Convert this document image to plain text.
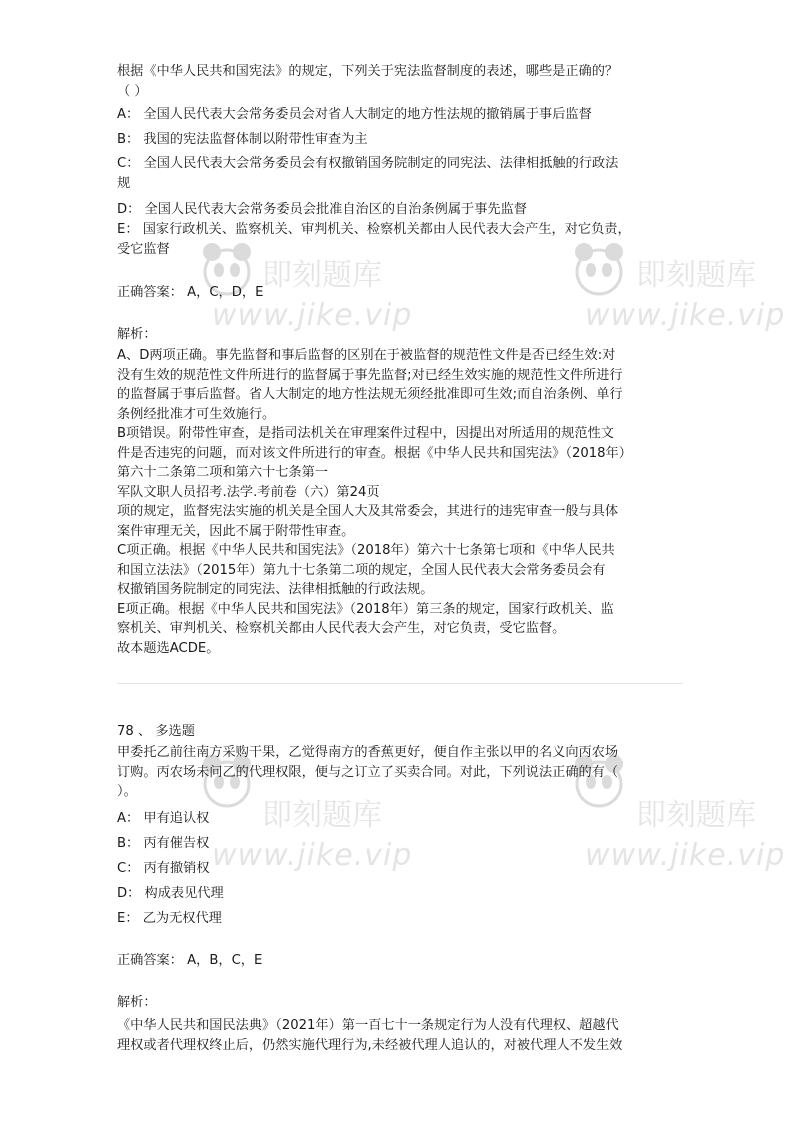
即刻题库
www.jike.vip
即刻题库
www.jike.vip
即刻题库
www.jike.vip
即刻题库
www.jike.vip
根据《中华人民共和国宪法》的规定，下列关于宪法监督制度的表述，哪些是正确的？
（ ）
A： 全国人民代表大会常务委员会对省人大制定的地方性法规的撤销属于事后监督
B： 我国的宪法监督体制以附带性审查为主
C： 全国人民代表大会常务委员会有权撤销国务院制定的同宪法、法律相抵触的行政法
规
D： 全国人民代表大会常务委员会批准自治区的自治条例属于事先监督
E： 国家行政机关、监察机关、审判机关、检察机关都由人民代表大会产生，对它负责，
受它监督
正确答案： A，C，D，E
解析：
A、D两项正确。事先监督和事后监督的区别在于被监督的规范性文件是否已经生效:对
没有生效的规范性文件所进行的监督属于事先监督;对已经生效实施的规范性文件所进行
的监督属于事后监督。省人大制定的地方性法规无须经批准即可生效;而自治条例、单行
条例经批准才可生效施行。
B项错误。附带性审查，是指司法机关在审理案件过程中，因提出对所适用的规范性文
件是否违宪的问题，而对该文件所进行的审查。根据《中华人民共和国宪法》（2018年）
第六十二条第二项和第六十七条第一
军队文职人员招考.法学.考前卷（六）第24页
项的规定，监督宪法实施的机关是全国人大及其常委会，其进行的违宪审查一般与具体
案件审理无关，因此不属于附带性审查。
C项正确。根据《中华人民共和国宪法》（2018年）第六十七条第七项和《中华人民共
和国立法法》（2015年）第九十七条第二项的规定，全国人民代表大会常务委员会有
权撤销国务院制定的同宪法、法律相抵触的行政法规。
E项正确。根据《中华人民共和国宪法》（2018年）第三条的规定，国家行政机关、监
察机关、审判机关、检察机关都由人民代表大会产生，对它负责，受它监督。
故本题选ACDE。
78 、 多选题
甲委托乙前往南方采购干果，乙觉得南方的香蕉更好，便自作主张以甲的名义向丙农场
订购。丙农场未问乙的代理权限，便与之订立了买卖合同。对此，下列说法正确的有（
）。
A： 甲有追认权
B： 丙有催告权
C： 丙有撤销权
D： 构成表见代理
E： 乙为无权代理
正确答案： A，B，C，E
解析：
《中华人民共和国民法典》（2021年）第一百七十一条规定行为人没有代理权、超越代
理权或者代理权终止后，仍然实施代理行为,未经被代理人追认的，对被代理人不发生效
